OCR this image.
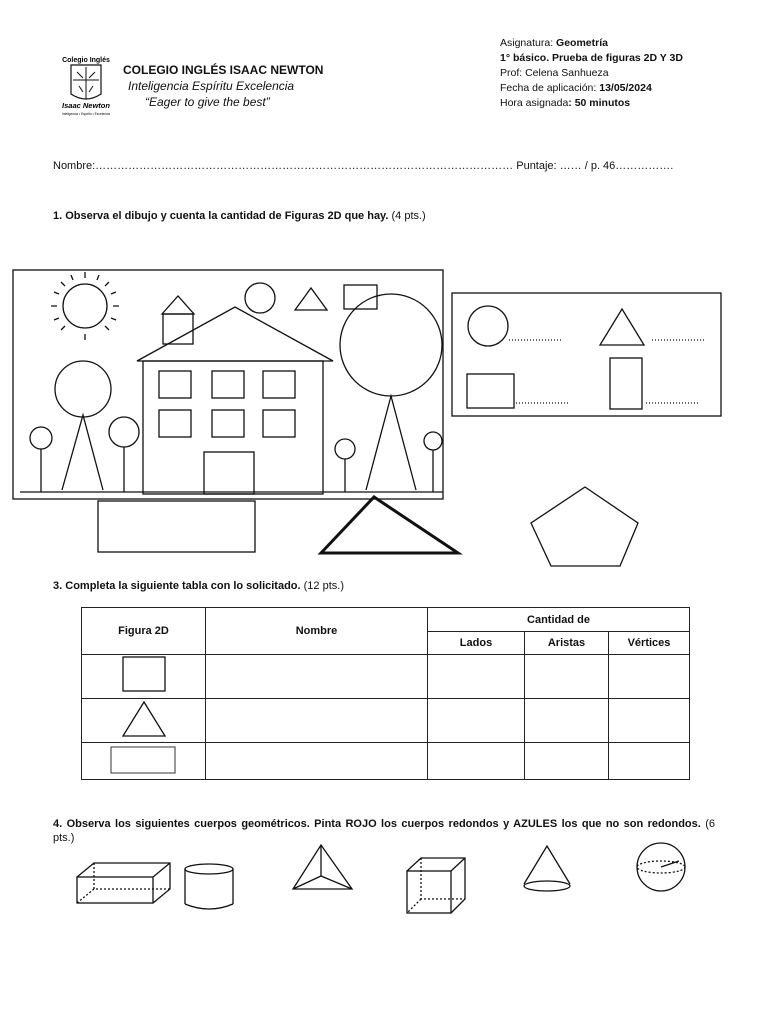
Colegio Inglés
Isaac Newton
Inteligencia • Espíritu • Excelencia
COLEGIO INGLÉS ISAAC NEWTON
Inteligencia Espíritu Excelencia
“Eager to give the best”
Asignatura: Geometría
1° básico. Prueba de figuras 2D Y 3D
Prof: Celena Sanhueza
Fecha de aplicación: 13/05/2024
Hora asignada: 50 minutos
Nombre:…………………………………………………………………………………………………… Puntaje: …… / p. 46…………….
1. Observa el dibujo y cuenta la cantidad de Figuras 2D que hay. (4 pts.)
3. Completa la siguiente tabla con lo solicitado. (12 pts.)
Figura 2D	Nombre	Cantidad de		
		Lados	Aristas	Vértices

4. Observa los siguientes cuerpos geométricos. Pinta ROJO los cuerpos redondos y AZULES los que no son redondos. (6 pts.)
